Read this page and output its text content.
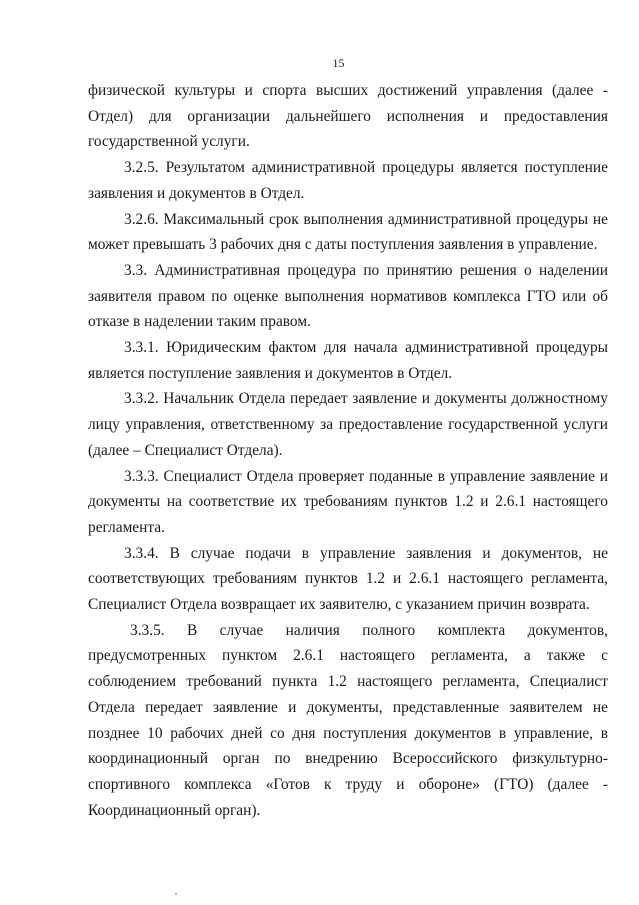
15

физической культуры и спорта высших достижений управления (далее - Отдел) для организации дальнейшего исполнения и предоставления государственной услуги.

3.2.5. Результатом административной процедуры является поступление заявления и документов в Отдел.

3.2.6. Максимальный срок выполнения административной процедуры не может превышать 3 рабочих дня с даты поступления заявления в управление.

3.3. Административная процедура по принятию решения о наделении заявителя правом по оценке выполнения нормативов комплекса ГТО или об отказе в наделении таким правом.

3.3.1. Юридическим фактом для начала административной процедуры является поступление заявления и документов в Отдел.

3.3.2. Начальник Отдела передает заявление и документы должностному лицу управления, ответственному за предоставление государственной услуги (далее – Специалист Отдела).

3.3.3. Специалист Отдела проверяет поданные в управление заявление и документы на соответствие их требованиям пунктов 1.2 и 2.6.1 настоящего регламента.

3.3.4. В случае подачи в управление заявления и документов, не соответствующих требованиям пунктов 1.2 и 2.6.1 настоящего регламента, Специалист Отдела возвращает их заявителю, с указанием причин возврата.

3.3.5. В случае наличия полного комплекта документов, предусмотренных пунктом 2.6.1 настоящего регламента, а также с соблюдением требований пункта 1.2 настоящего регламента, Специалист Отдела передает заявление и документы, представленные заявителем не позднее 10 рабочих дней со дня поступления документов в управление, в координационный орган по внедрению Всероссийского физкультурно-спортивного комплекса «Готов к труду и обороне» (ГТО) (далее - Координационный орган).
